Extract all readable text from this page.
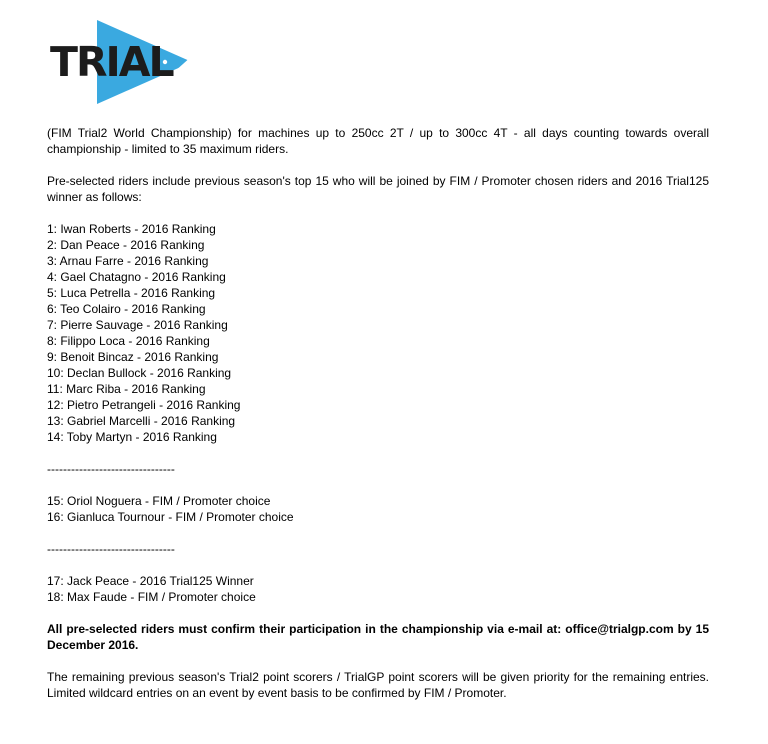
TRIAL2

(FIM Trial2 World Championship) for machines up to 250cc 2T / up to 300cc 4T - all days counting towards overall championship - limited to 35 maximum riders.

Pre-selected riders include previous season's top 15 who will be joined by FIM / Promoter chosen riders and 2016 Trial125 winner as follows:

1: Iwan Roberts - 2016 Ranking
2: Dan Peace - 2016 Ranking
3: Arnau Farre - 2016 Ranking
4: Gael Chatagno - 2016 Ranking
5: Luca Petrella - 2016 Ranking
6: Teo Colairo - 2016 Ranking
7: Pierre Sauvage - 2016 Ranking
8: Filippo Loca - 2016 Ranking
9: Benoit Bincaz - 2016 Ranking
10: Declan Bullock - 2016 Ranking
11: Marc Riba - 2016 Ranking
12: Pietro Petrangeli - 2016 Ranking
13: Gabriel Marcelli - 2016 Ranking
14: Toby Martyn - 2016 Ranking
--------------------------------
15: Oriol Noguera - FIM / Promoter choice
16: Gianluca Tournour - FIM / Promoter choice
--------------------------------
17: Jack Peace - 2016 Trial125 Winner
18: Max Faude - FIM / Promoter choice

All pre-selected riders must confirm their participation in the championship via e-mail at: office@trialgp.com by 15 December 2016.

The remaining previous season's Trial2 point scorers / TrialGP point scorers will be given priority for the remaining entries. Limited wildcard entries on an event by event basis to be confirmed by FIM / Promoter.
